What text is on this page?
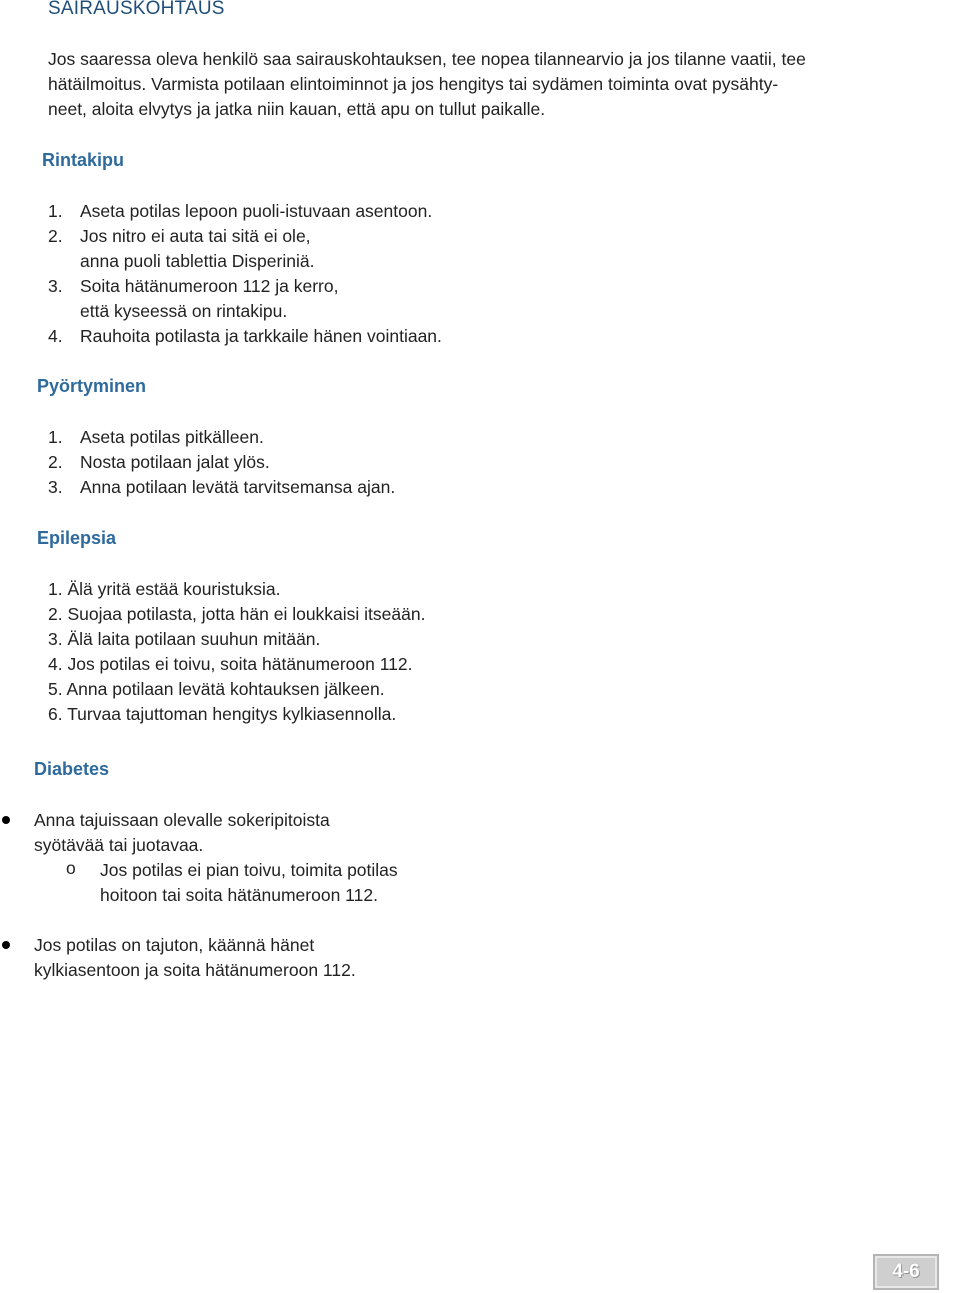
SAIRAUSKOHTAUS
Jos saaressa oleva henkilö saa sairauskohtauksen, tee nopea tilannearvio ja jos tilanne vaatii, tee
hätäilmoitus. Varmista potilaan elintoiminnot ja jos hengitys tai sydämen toiminta ovat pysähty-
neet, aloita elvytys ja jatka niin kauan, että apu on tullut paikalle.
Rintakipu
1. Aseta potilas lepoon puoli-istuvaan asentoon.
2. Jos nitro ei auta tai sitä ei ole,
anna puoli tablettia Disperiniä.
3. Soita hätänumeroon 112 ja kerro,
että kyseessä on rintakipu.
4. Rauhoita potilasta ja tarkkaile hänen vointiaan.
Pyörtyminen
1. Aseta potilas pitkälleen.
2. Nosta potilaan jalat ylös.
3. Anna potilaan levätä tarvitsemansa ajan.
Epilepsia
1. Älä yritä estää kouristuksia.
2. Suojaa potilasta, jotta hän ei loukkaisi itseään.
3. Älä laita potilaan suuhun mitään.
4. Jos potilas ei toivu, soita hätänumeroon 112.
5. Anna potilaan levätä kohtauksen jälkeen.
6. Turvaa tajuttoman hengitys kylkiasennolla.
Diabetes
Anna tajuissaan olevalle sokeripitoista
syötävää tai juotavaa.
o Jos potilas ei pian toivu, toimita potilas
hoitoon tai soita hätänumeroon 112.
Jos potilas on tajuton, käännä hänet
kylkiasentoon ja soita hätänumeroon 112.
4-6
